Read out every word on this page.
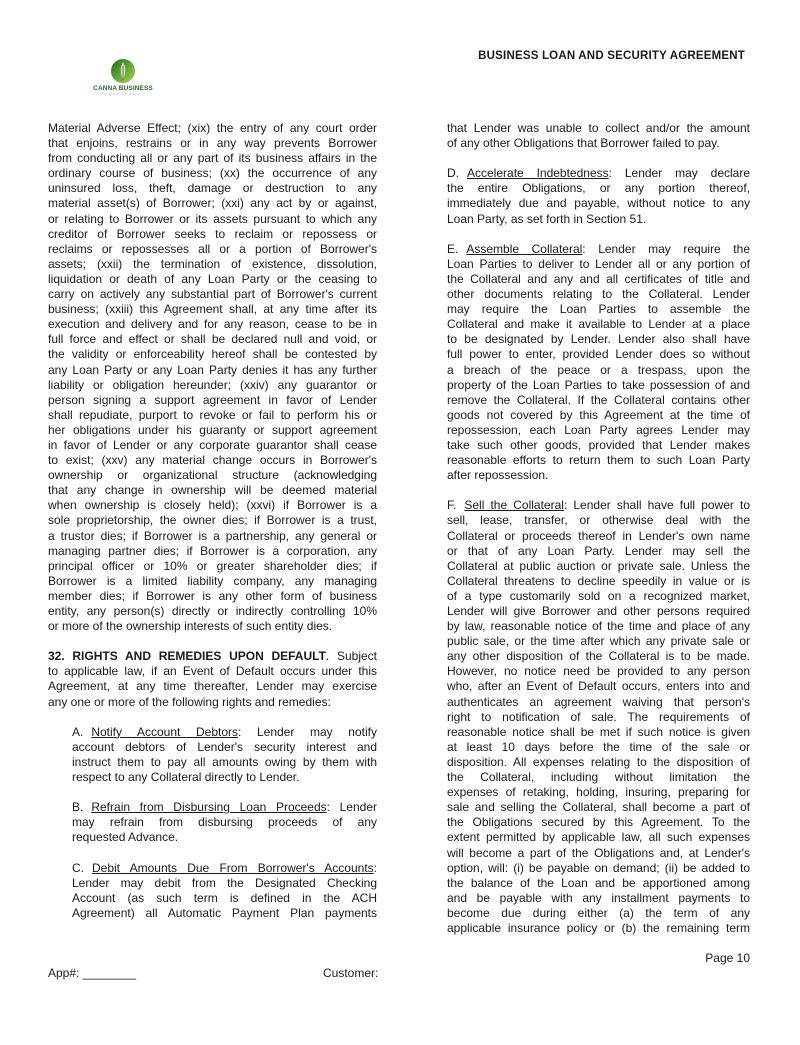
BUSINESS LOAN AND SECURITY AGREEMENT
CANNA BUSINESS
RESOURCES
Material Adverse Effect; (xix) the entry of any court order
that enjoins, restrains or in any way prevents Borrower
from conducting all or any part of its business affairs in the
ordinary course of business; (xx) the occurrence of any
uninsured loss, theft, damage or destruction to any
material asset(s) of Borrower; (xxi) any act by or against,
or relating to Borrower or its assets pursuant to which any
creditor of Borrower seeks to reclaim or repossess or
reclaims or repossesses all or a portion of Borrower's
assets; (xxii) the termination of existence, dissolution,
liquidation or death of any Loan Party or the ceasing to
carry on actively any substantial part of Borrower's current
business; (xxiii) this Agreement shall, at any time after its
execution and delivery and for any reason, cease to be in
full force and effect or shall be declared null and void, or
the validity or enforceability hereof shall be contested by
any Loan Party or any Loan Party denies it has any further
liability or obligation hereunder; (xxiv) any guarantor or
person signing a support agreement in favor of Lender
shall repudiate, purport to revoke or fail to perform his or
her obligations under his guaranty or support agreement
in favor of Lender or any corporate guarantor shall cease
to exist; (xxv) any material change occurs in Borrower's
ownership or organizational structure (acknowledging
that any change in ownership will be deemed material
when ownership is closely held); (xxvi) if Borrower is a
sole proprietorship, the owner dies; if Borrower is a trust,
a trustor dies; if Borrower is a partnership, any general or
managing partner dies; if Borrower is a corporation, any
principal officer or 10% or greater shareholder dies; if
Borrower is a limited liability company, any managing
member dies; if Borrower is any other form of business
entity, any person(s) directly or indirectly controlling 10%
or more of the ownership interests of such entity dies.
32. RIGHTS AND REMEDIES UPON DEFAULT. Subject
to applicable law, if an Event of Default occurs under this
Agreement, at any time thereafter, Lender may exercise
any one or more of the following rights and remedies:
A. Notify Account Debtors: Lender may notify
account debtors of Lender's security interest and
instruct them to pay all amounts owing by them with
respect to any Collateral directly to Lender.
B. Refrain from Disbursing Loan Proceeds: Lender
may refrain from disbursing proceeds of any
requested Advance.
C. Debit Amounts Due From Borrower's Accounts:
Lender may debit from the Designated Checking
Account (as such term is defined in the ACH
Agreement) all Automatic Payment Plan payments
that Lender was unable to collect and/or the amount
of any other Obligations that Borrower failed to pay.
D. Accelerate Indebtedness: Lender may declare
the entire Obligations, or any portion thereof,
immediately due and payable, without notice to any
Loan Party, as set forth in Section 51.
E. Assemble Collateral: Lender may require the
Loan Parties to deliver to Lender all or any portion of
the Collateral and any and all certificates of title and
other documents relating to the Collateral. Lender
may require the Loan Parties to assemble the
Collateral and make it available to Lender at a place
to be designated by Lender. Lender also shall have
full power to enter, provided Lender does so without
a breach of the peace or a trespass, upon the
property of the Loan Parties to take possession of and
remove the Collateral. If the Collateral contains other
goods not covered by this Agreement at the time of
repossession, each Loan Party agrees Lender may
take such other goods, provided that Lender makes
reasonable efforts to return them to such Loan Party
after repossession.
F. Sell the Collateral: Lender shall have full power to
sell, lease, transfer, or otherwise deal with the
Collateral or proceeds thereof in Lender's own name
or that of any Loan Party. Lender may sell the
Collateral at public auction or private sale. Unless the
Collateral threatens to decline speedily in value or is
of a type customarily sold on a recognized market,
Lender will give Borrower and other persons required
by law, reasonable notice of the time and place of any
public sale, or the time after which any private sale or
any other disposition of the Collateral is to be made.
However, no notice need be provided to any person
who, after an Event of Default occurs, enters into and
authenticates an agreement waiving that person's
right to notification of sale. The requirements of
reasonable notice shall be met if such notice is given
at least 10 days before the time of the sale or
disposition. All expenses relating to the disposition of
the Collateral, including without limitation the
expenses of retaking, holding, insuring, preparing for
sale and selling the Collateral, shall become a part of
the Obligations secured by this Agreement. To the
extent permitted by applicable law, all such expenses
will become a part of the Obligations and, at Lender's
option, will: (i) be payable on demand; (ii) be added to
the balance of the Loan and be apportioned among
and be payable with any installment payments to
become due during either (a) the term of any
applicable insurance policy or (b) the remaining term
Page 10
App#: ________	Customer:
